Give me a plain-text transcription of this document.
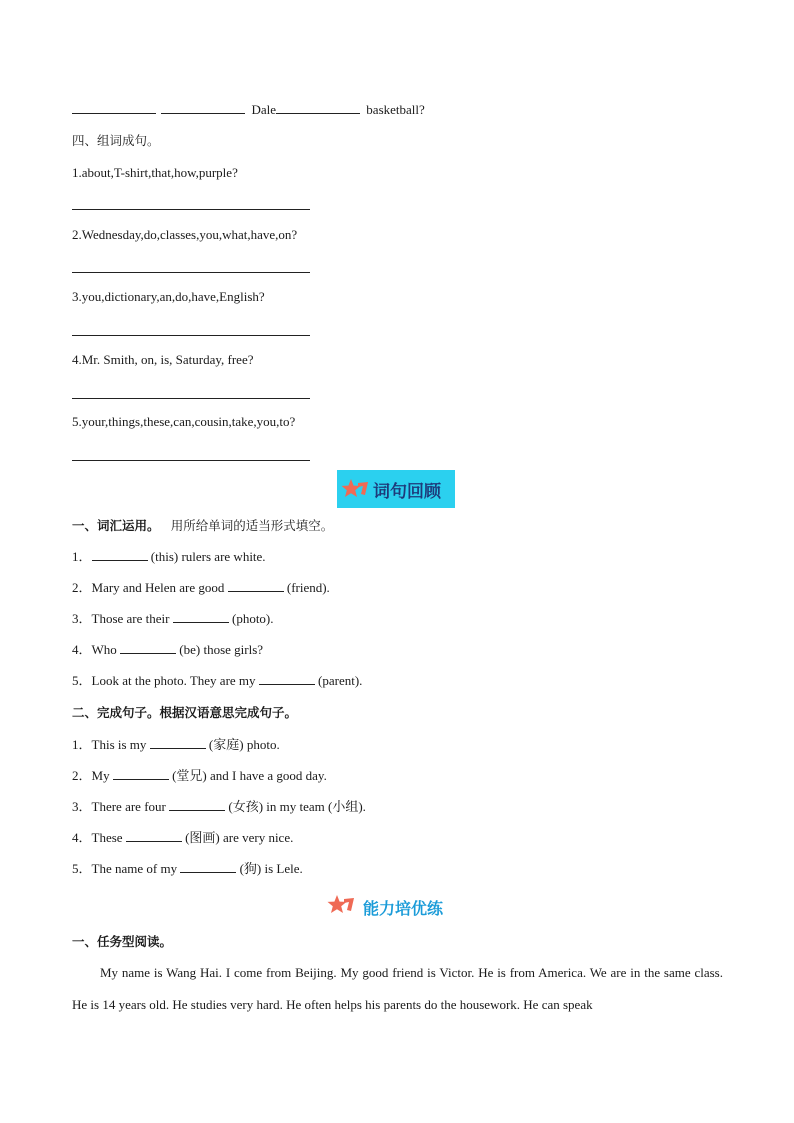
Dale	basketball?
四、组词成句。
1.about,T-shirt,that,how,purple?
2.Wednesday,do,classes,you,what,have,on?
3.you,dictionary,an,do,have,English?
4.Mr. Smith, on, is, Saturday, free?
5.your,things,these,can,cousin,take,you,to?
词句回顾
一、词汇运用。 用所给单词的适当形式填空。
1．	(this) rulers are white.
2．Mary and Helen are good	(friend).
3．Those are their	(photo).
4．Who	(be) those girls?
5．Look at the photo. They are my	(parent).
二、完成句子。根据汉语意思完成句子。
1．This is my	(家庭) photo.
2．My	(堂兄) and I have a good day.
3．There are four	(女孩) in my team (小组).
4．These	(图画) are very nice.
5．The name of my	(狗) is Lele.
能力培优练
一、任务型阅读。
My name is Wang Hai. I come from Beijing. My good friend is Victor. He is from America. We are in the same class. He is 14 years old. He studies very hard. He often helps his parents do the housework. He can speak
